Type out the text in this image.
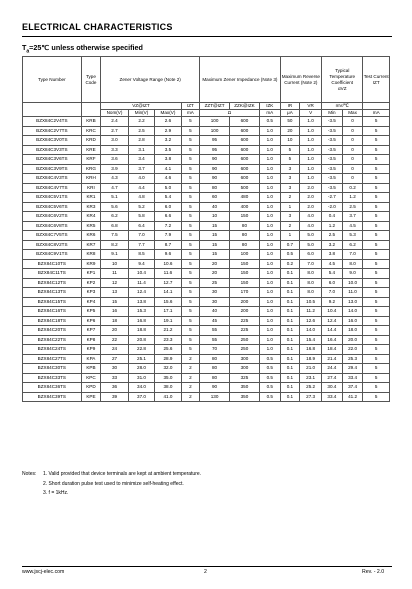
ELECTRICAL CHARACTERISTICS
$T_a=25℃$ unless otherwise specified
Type Number	Type Code	Zener Voltage Range (Note 2)				Maximum Zener Impedance (Note 3)			Maximum Reverse Current (Note 2)		Typical Temperature Coefficient
αVZ		Test Current IZT
		VZ@IZT			IZT	ZZT@IZT	ZZK@IZK	IZK	IR	VR	mV/℃		
		Nom(V)	Min(V)	Max(V)	mA	Ω		mA	μA	V	Min	Max	mA
BZX84C2V4TS	KRB	2.4	2.2	2.6	5	100	600	0.5	50	1.0	-3.5	0	5
BZX84C2V7TS	KRC	2.7	2.5	2.9	5	100	600	1.0	20	1.0	-3.5	0	5
BZX84C3V0TS	KRD	3.0	2.8	3.2	5	95	600	1.0	10	1.0	-3.5	0	5
BZX84C3V3TS	KRE	3.3	3.1	3.5	5	95	600	1.0	5	1.0	-3.5	0	5
BZX84C3V6TS	KRF	3.6	3.4	3.8	5	90	600	1.0	5	1.0	-3.5	0	5
BZX84C3V9TS	KRG	3.9	3.7	4.1	5	90	600	1.0	3	1.0	-3.5	0	5
BZX84C4V3TS	KRH	4.3	4.0	4.6	5	90	600	1.0	3	1.0	-3.5	0	5
BZX84C4V7TS	KRI	4.7	4.4	5.0	5	80	500	1.0	3	2.0	-3.5	0.2	5
BZX84C5V1TS	KR1	5.1	4.8	5.4	5	60	480	1.0	2	2.0	-2.7	1.2	5
BZX84C5V6TS	KR3	5.6	5.2	6.0	5	40	400	1.0	1	2.0	-2.0	2.5	5
BZX84C6V2TS	KR4	6.2	5.8	6.6	5	10	150	1.0	3	4.0	0.4	3.7	5
BZX84C6V8TS	KR5	6.8	6.4	7.2	5	15	80	1.0	2	4.0	1.2	4.5	5
BZX84C7V5TS	KR6	7.5	7.0	7.9	5	15	80	1.0	1	5.0	2.5	5.3	5
BZX84C8V2TS	KR7	8.2	7.7	8.7	5	15	80	1.0	0.7	5.0	3.2	6.2	5
BZX84C9V1TS	KR8	9.1	8.5	9.6	5	15	100	1.0	0.5	6.0	3.8	7.0	5
BZX84C10TS	KR9	10	9.4	10.6	5	20	150	1.0	0.2	7.0	4.5	8.0	5
BZX84C11TS	KP1	11	10.4	11.6	5	20	150	1.0	0.1	8.0	5.4	9.0	5
BZX84C12TS	KP2	12	11.4	12.7	5	25	150	1.0	0.1	8.0	6.0	10.0	5
BZX84C13TS	KP3	13	12.4	14.1	5	30	170	1.0	0.1	8.0	7.0	11.0	5
BZX84C15TS	KP4	15	13.8	15.6	5	30	200	1.0	0.1	10.5	9.2	13.0	5
BZX84C16TS	KP5	16	15.3	17.1	5	40	200	1.0	0.1	11.2	10.4	14.0	5
BZX84C18TS	KP6	18	16.8	19.1	5	45	225	1.0	0.1	12.6	12.4	16.0	5
BZX84C20TS	KP7	20	18.8	21.2	5	55	225	1.0	0.1	14.0	14.4	18.0	5
BZX84C22TS	KP8	22	20.8	23.3	5	55	250	1.0	0.1	15.4	16.4	20.0	5
BZX84C24TS	KP9	24	22.8	25.6	5	70	250	1.0	0.1	16.8	18.4	22.0	5
BZX84C27TS	KPA	27	25.1	28.9	2	80	300	0.5	0.1	18.9	21.4	25.3	5
BZX84C30TS	KPB	30	28.0	32.0	2	80	300	0.5	0.1	21.0	24.4	29.4	5
BZX84C33TS	KPC	33	31.0	35.0	2	80	325	0.5	0.1	23.1	27.4	33.4	5
BZX84C36TS	KPD	36	34.0	38.0	2	90	350	0.5	0.1	25.2	30.4	37.4	5
BZX84C39TS	KPE	39	37.0	41.0	2	130	350	0.5	0.1	27.3	33.4	41.2	5
Notes: 1. Valid provided that device terminals are kept at ambient temperature.
2. Short duration pulse test used to minimize self-heating effect.
3. f = 1kHz.
www.jscj-elec.com	2	Rev. - 2.0
